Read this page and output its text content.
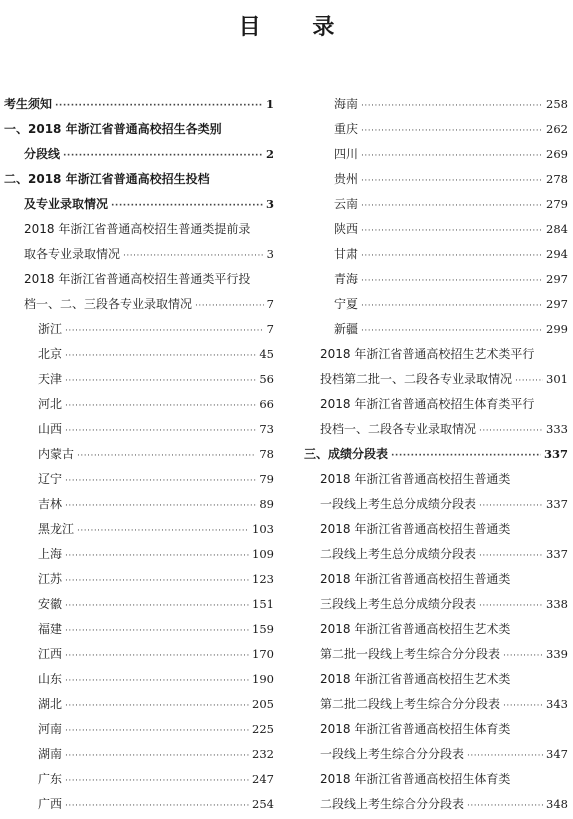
目 录
考生须知 ·····	1
一、2018 年浙江省普通高校招生各类别
分段线 ·····	2
二、2018 年浙江省普通高校招生投档
及专业录取情况 ·····	3
2018 年浙江省普通高校招生普通类提前录
取各专业录取情况 ·····	3
2018 年浙江省普通高校招生普通类平行投
档一、二、三段各专业录取情况 ·····	7
浙江 ·····	7
北京 ·····	45
天津 ·····	56
河北 ·····	66
山西 ·····	73
内蒙古 ·····	78
辽宁 ·····	79
吉林 ·····	89
黑龙江 ·····	103
上海 ·····	109
江苏 ·····	123
安徽 ·····	151
福建 ·····	159
江西 ·····	170
山东 ·····	190
湖北 ·····	205
河南 ·····	225
湖南 ·····	232
广东 ·····	247
广西 ·····	254
海南 ·····	258
重庆 ·····	262
四川 ·····	269
贵州 ·····	278
云南 ·····	279
陕西 ·····	284
甘肃 ·····	294
青海 ·····	297
宁夏 ·····	297
新疆 ·····	299
2018 年浙江省普通高校招生艺术类平行
投档第二批一、二段各专业录取情况 ·····	301
2018 年浙江省普通高校招生体育类平行
投档一、二段各专业录取情况 ·····	333
三、成绩分段表 ·····	337
2018 年浙江省普通高校招生普通类
一段线上考生总分成绩分段表 ·····	337
2018 年浙江省普通高校招生普通类
二段线上考生总分成绩分段表 ·····	337
2018 年浙江省普通高校招生普通类
三段线上考生总分成绩分段表 ·····	338
2018 年浙江省普通高校招生艺术类
第二批一段线上考生综合分分段表 ·····	339
2018 年浙江省普通高校招生艺术类
第二批二段线上考生综合分分段表 ·····	343
2018 年浙江省普通高校招生体育类
一段线上考生综合分分段表 ·····	347
2018 年浙江省普通高校招生体育类
二段线上考生综合分分段表 ·····	348
